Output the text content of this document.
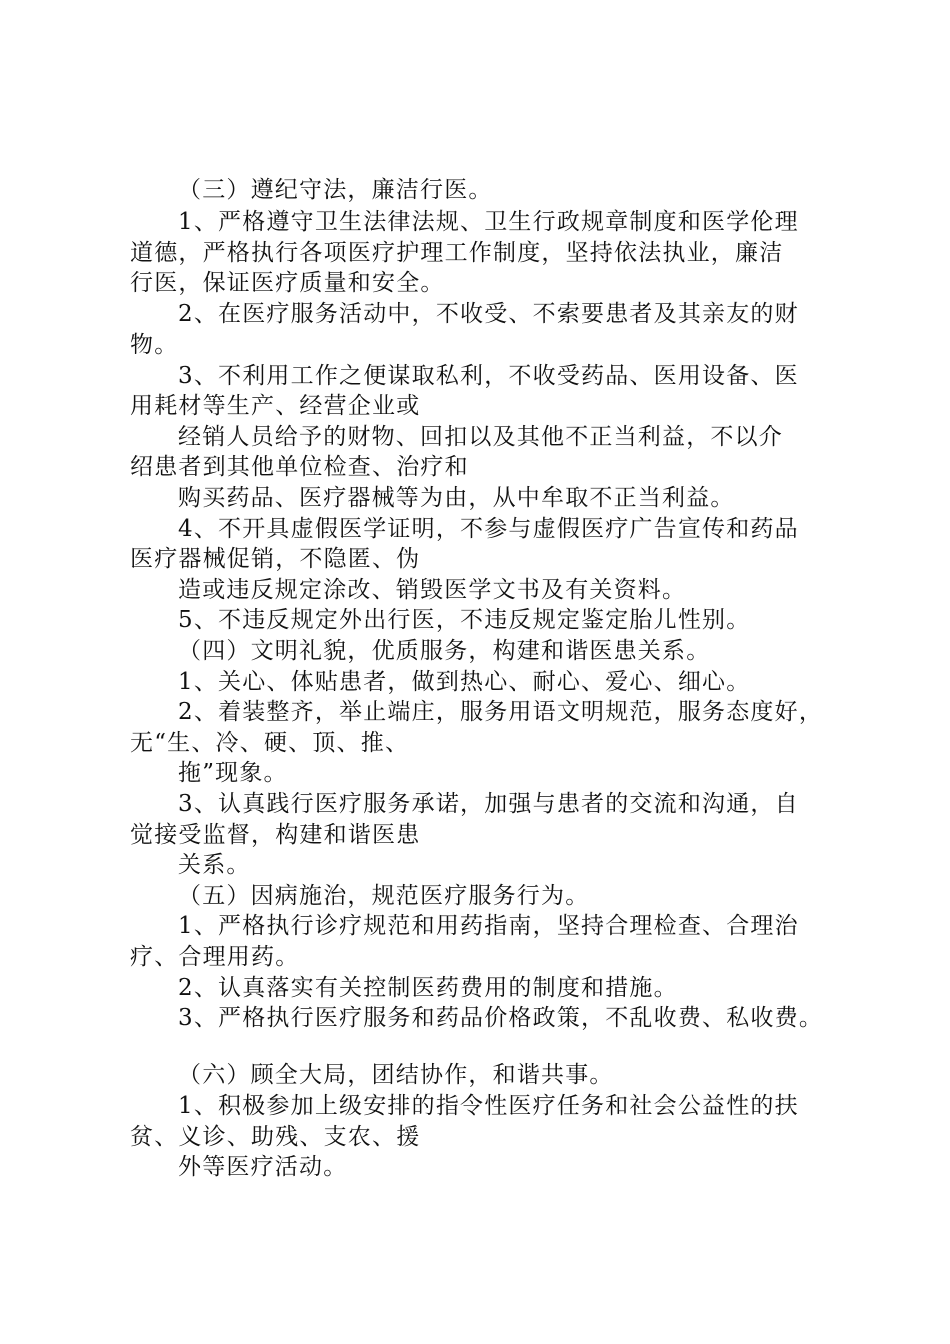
（三）遵纪守法，廉洁行医。
1、严格遵守卫生法律法规、卫生行政规章制度和医学伦理
道德，严格执行各项医疗护理工作制度，坚持依法执业，廉洁
行医，保证医疗质量和安全。
2、在医疗服务活动中，不收受、不索要患者及其亲友的财
物。
3、不利用工作之便谋取私利，不收受药品、医用设备、医
用耗材等生产、经营企业或
经销人员给予的财物、回扣以及其他不正当利益，不以介
绍患者到其他单位检查、治疗和
购买药品、医疗器械等为由，从中牟取不正当利益。
4、不开具虚假医学证明，不参与虚假医疗广告宣传和药品
医疗器械促销，不隐匿、伪
造或违反规定涂改、销毁医学文书及有关资料。
5、不违反规定外出行医，不违反规定鉴定胎儿性别。
（四）文明礼貌，优质服务，构建和谐医患关系。
1、关心、体贴患者，做到热心、耐心、爱心、细心。
2、着装整齐，举止端庄，服务用语文明规范，服务态度好，
无“生、冷、硬、顶、推、
拖”现象。
3、认真践行医疗服务承诺，加强与患者的交流和沟通，自
觉接受监督，构建和谐医患
关系。
（五）因病施治，规范医疗服务行为。
1、严格执行诊疗规范和用药指南，坚持合理检查、合理治
疗、合理用药。
2、认真落实有关控制医药费用的制度和措施。
3、严格执行医疗服务和药品价格政策，不乱收费、私收费。
（六）顾全大局，团结协作，和谐共事。
1、积极参加上级安排的指令性医疗任务和社会公益性的扶
贫、义诊、助残、支农、援
外等医疗活动。
